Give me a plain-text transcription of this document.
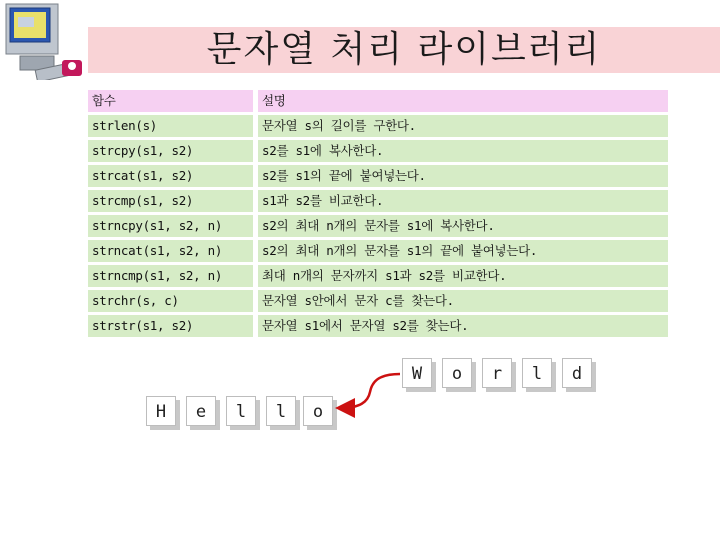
문자열 처리 라이브러리
함수	설명
strlen(s)	문자열 s의 길이를 구한다.
strcpy(s1, s2)	s2를 s1에 복사한다.
strcat(s1, s2)	s2를 s1의 끝에 붙여넣는다.
strcmp(s1, s2)	s1과 s2를 비교한다.
strncpy(s1, s2, n)	s2의 최대 n개의 문자를 s1에 복사한다.
strncat(s1, s2, n)	s2의 최대 n개의 문자를 s1의 끝에 붙여넣는다.
strncmp(s1, s2, n)	최대 n개의 문자까지 s1과 s2를 비교한다.
strchr(s, c)	문자열 s안에서 문자 c를 찾는다.
strstr(s1, s2)	문자열 s1에서 문자열 s2를 찾는다.
H	e	l	l	o
W	o	r	l	d
